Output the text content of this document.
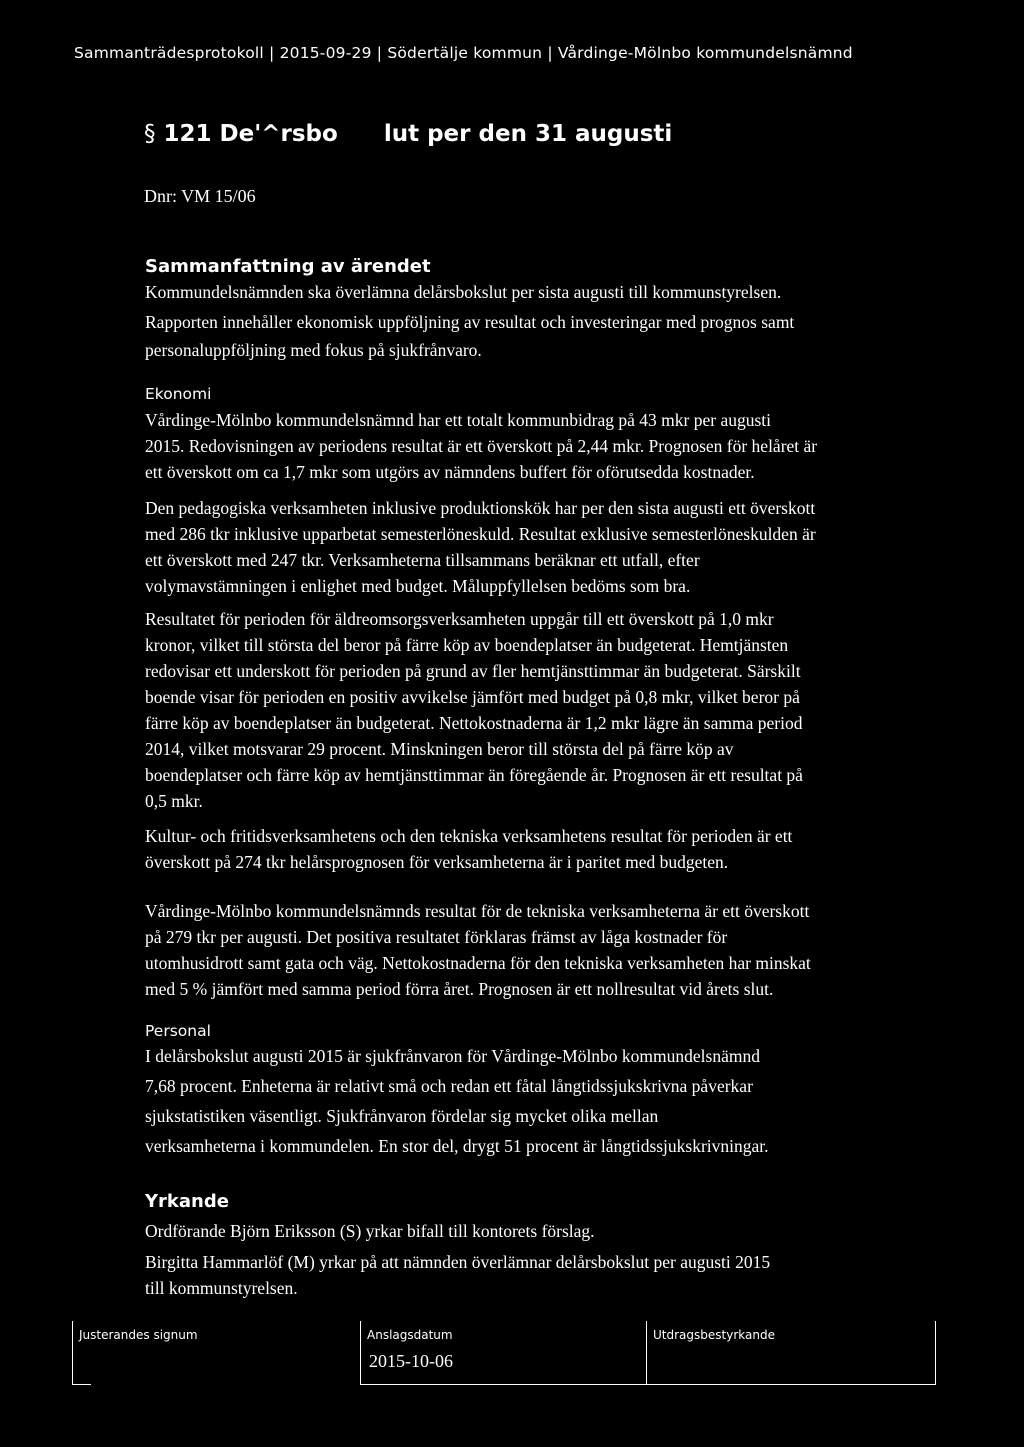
Sammanträdesprotokoll | 2015-09-29 | Södertälje kommun | Vårdinge-Mölnbo kommundelsnämnd
§ 121 De'^rsbo lut per den 31 augusti
Dnr: VM 15/06
Sammanfattning av ärendet
Kommundelsnämnden ska överlämna delårsbokslut per sista augusti till kommunstyrelsen.
Rapporten innehåller ekonomisk uppföljning av resultat och investeringar med prognos samt
personaluppföljning med fokus på sjukfrånvaro.
Ekonomi
Vårdinge-Mölnbo kommundelsnämnd har ett totalt kommunbidrag på 43 mkr per augusti
2015. Redovisningen av periodens resultat är ett överskott på 2,44 mkr. Prognosen för helåret är
ett överskott om ca 1,7 mkr som utgörs av nämndens buffert för oförutsedda kostnader.
Den pedagogiska verksamheten inklusive produktionskök har per den sista augusti ett överskott
med 286 tkr inklusive upparbetat semesterlöneskuld. Resultat exklusive semesterlöneskulden är
ett överskott med 247 tkr. Verksamheterna tillsammans beräknar ett utfall, efter
volymavstämningen i enlighet med budget. Måluppfyllelsen bedöms som bra.
Resultatet för perioden för äldreomsorgsverksamheten uppgår till ett överskott på 1,0 mkr
kronor, vilket till största del beror på färre köp av boendeplatser än budgeterat. Hemtjänsten
redovisar ett underskott för perioden på grund av fler hemtjänsttimmar än budgeterat. Särskilt
boende visar för perioden en positiv avvikelse jämfört med budget på 0,8 mkr, vilket beror på
färre köp av boendeplatser än budgeterat. Nettokostnaderna är 1,2 mkr lägre än samma period
2014, vilket motsvarar 29 procent. Minskningen beror till största del på färre köp av
boendeplatser och färre köp av hemtjänsttimmar än föregående år. Prognosen är ett resultat på
0,5 mkr.
Kultur- och fritidsverksamhetens och den tekniska verksamhetens resultat för perioden är ett
överskott på 274 tkr helårsprognosen för verksamheterna är i paritet med budgeten.
Vårdinge-Mölnbo kommundelsnämnds resultat för de tekniska verksamheterna är ett överskott
på 279 tkr per augusti. Det positiva resultatet förklaras främst av låga kostnader för
utomhusidrott samt gata och väg. Nettokostnaderna för den tekniska verksamheten har minskat
med 5 % jämfört med samma period förra året. Prognosen är ett nollresultat vid årets slut.
Personal
I delårsbokslut augusti 2015 är sjukfrånvaron för Vårdinge-Mölnbo kommundelsnämnd
7,68 procent. Enheterna är relativt små och redan ett fåtal långtidssjukskrivna påverkar
sjukstatistiken väsentligt. Sjukfrånvaron fördelar sig mycket olika mellan
verksamheterna i kommundelen. En stor del, drygt 51 procent är långtidssjukskrivningar.
Yrkande
Ordförande Björn Eriksson (S) yrkar bifall till kontorets förslag.
Birgitta Hammarlöf (M) yrkar på att nämnden överlämnar delårsbokslut per augusti 2015
till kommunstyrelsen.
Justerandes signum	Anslagsdatum
2015-10-06
Utdragsbestyrkande
